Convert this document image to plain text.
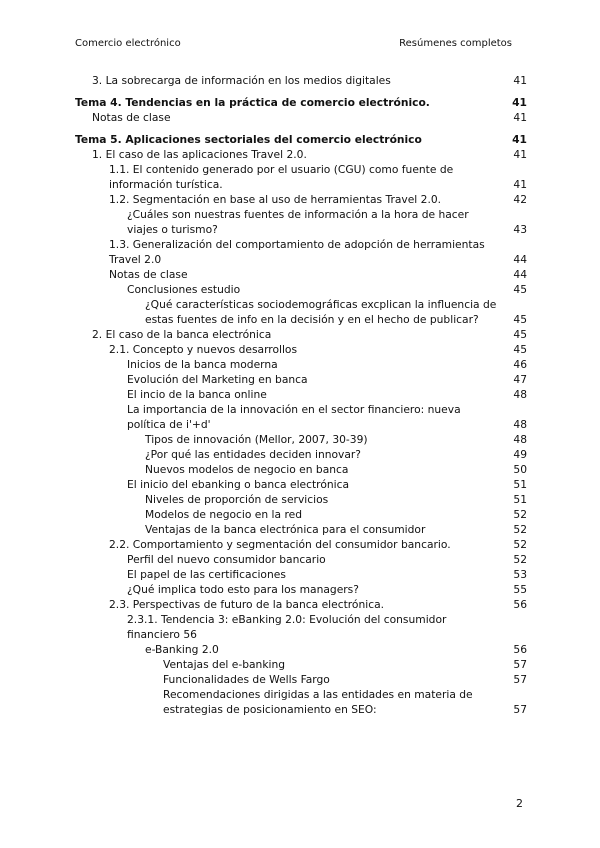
Comercio electrónico	Resúmenes completos
3. La sobrecarga de información en los medios digitales	41
Tema 4. Tendencias en la práctica de comercio electrónico.	41
Notas de clase	41
Tema 5. Aplicaciones sectoriales del comercio electrónico	41
1. El caso de las aplicaciones Travel 2.0.	41
1.1. El contenido generado por el usuario (CGU) como fuente de información turística.	41
1.2. Segmentación en base al uso de herramientas Travel 2.0.	42
¿Cuáles son nuestras fuentes de información a la hora de hacer viajes o turismo?	43
1.3. Generalización del comportamiento de adopción de herramientas Travel 2.0	44
Notas de clase	44
Conclusiones estudio	45
¿Qué características sociodemográficas excplican la influencia de estas fuentes de info en la decisión y en el hecho de publicar?	45
2. El caso de la banca electrónica	45
2.1. Concepto y nuevos desarrollos	45
Inicios de la banca moderna	46
Evolución del Marketing en banca	47
El incio de la banca online	48
La importancia de la innovación en el sector financiero: nueva política de i'+d'	48
Tipos de innovación (Mellor, 2007, 30-39)	48
¿Por qué las entidades deciden innovar?	49
Nuevos modelos de negocio en banca	50
El inicio del ebanking o banca electrónica	51
Niveles de proporción de servicios	51
Modelos de negocio en la red	52
Ventajas de la banca electrónica para el consumidor	52
2.2. Comportamiento y segmentación del consumidor bancario.	52
Perfil del nuevo consumidor bancario	52
El papel de las certificaciones	53
¿Qué implica todo esto para los managers?	55
2.3. Perspectivas de futuro de la banca electrónica.	56
2.3.1. Tendencia 3: eBanking 2.0: Evolución del consumidor financiero 56
e-Banking 2.0	56
Ventajas del e-banking	57
Funcionalidades de Wells Fargo	57
Recomendaciones dirigidas a las entidades en materia de estrategias de posicionamiento en SEO:	57
2
